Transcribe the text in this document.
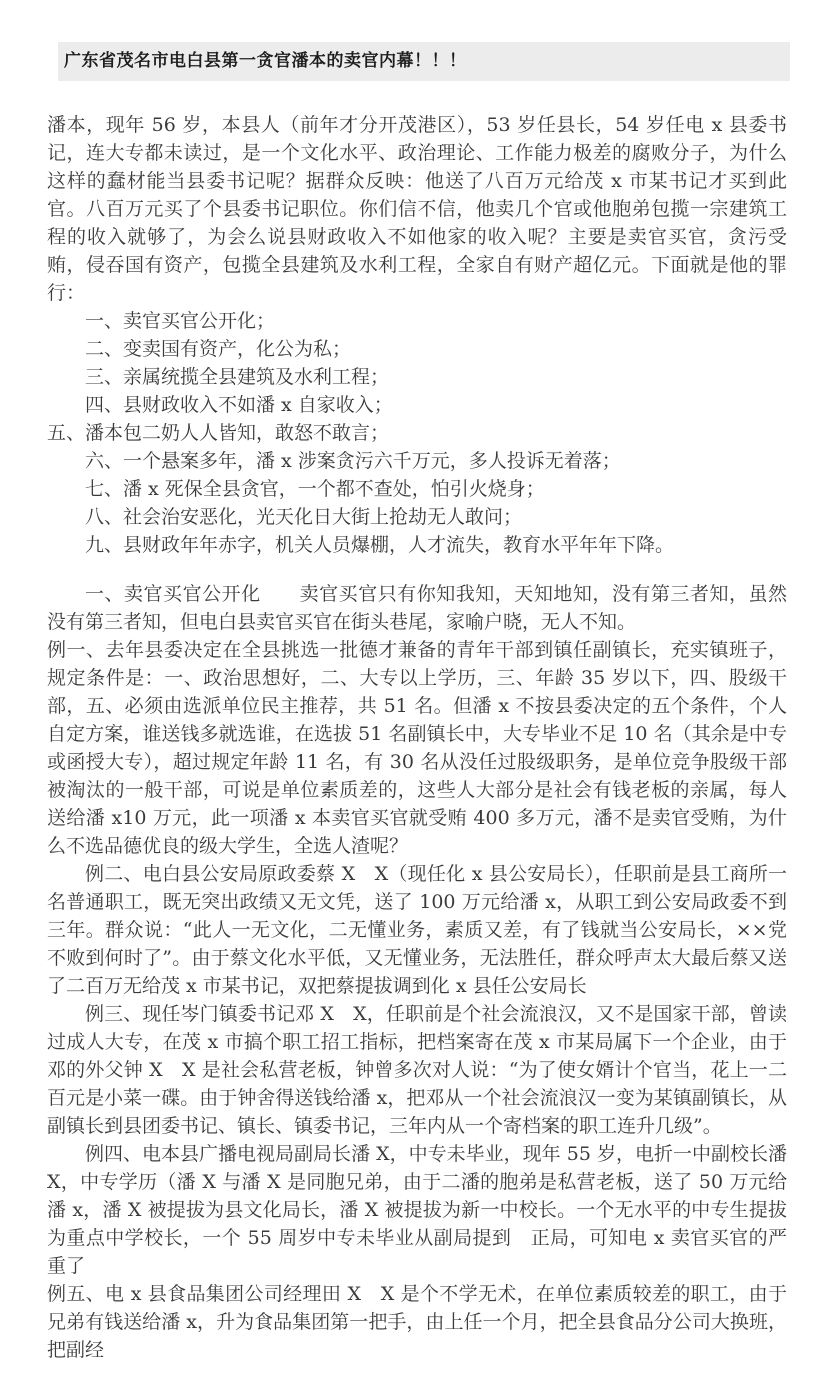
广东省茂名市电白县第一贪官潘本的卖官内幕！！！

潘本，现年 56 岁，本县人（前年才分开茂港区），53 岁任县长，54 岁任电 x 县委书记，连大专都未读过，是一个文化水平、政治理论、工作能力极差的腐败分子，为什么这样的蠢材能当县委书记呢？据群众反映：他送了八百万元给茂 x 市某书记才买到此官。八百万元买了个县委书记职位。你们信不信，他卖几个官或他胞弟包揽一宗建筑工程的收入就够了，为会么说县财政收入不如他家的收入呢？主要是卖官买官，贪污受贿，侵吞国有资产，包揽全县建筑及水利工程，全家自有财产超亿元。下面就是他的罪行：

一、卖官买官公开化；

二、变卖国有资产，化公为私；

三、亲属统揽全县建筑及水利工程；

四、县财政收入不如潘 x 自家收入；

五、潘本包二奶人人皆知，敢怒不敢言；

六、一个悬案多年，潘 x 涉案贪污六千万元，多人投诉无着落；

七、潘 x 死保全县贪官，一个都不查处，怕引火烧身；

八、社会治安恶化，光天化日大街上抢劫无人敢问；

九、县财政年年赤字，机关人员爆棚，人才流失，教育水平年年下降。

一、卖官买官公开化　　卖官买官只有你知我知，天知地知，没有第三者知，虽然没有第三者知，但电白县卖官买官在街头巷尾，家喻户晓，无人不知。

例一、去年县委决定在全县挑选一批德才兼备的青年干部到镇任副镇长，充实镇班子，规定条件是：一、政治思想好，二、大专以上学历，三、年龄 35 岁以下，四、股级干部，五、必须由选派单位民主推荐，共 51 名。但潘 x 不按县委决定的五个条件，个人自定方案，谁送钱多就选谁，在选拔 51 名副镇长中，大专毕业不足 10 名（其余是中专或函授大专），超过规定年龄 11 名，有 30 名从没任过股级职务，是单位竞争股级干部被淘汰的一般干部，可说是单位素质差的，这些人大部分是社会有钱老板的亲属，每人送给潘 x10 万元，此一项潘 x 本卖官买官就受贿 400 多万元，潘不是卖官受贿，为什么不选品德优良的级大学生，全选人渣呢？

例二、电白县公安局原政委蔡 X　X（现任化 x 县公安局长），任职前是县工商所一名普通职工，既无突出政绩又无文凭，送了 100 万元给潘 x，从职工到公安局政委不到三年。群众说：“此人一无文化，二无懂业务，素质又差，有了钱就当公安局长，××党不败到何时了”。由于蔡文化水平低，又无懂业务，无法胜任，群众呼声太大最后蔡又送了二百万无给茂 x 市某书记，双把蔡提拔调到化 x 县任公安局长

例三、现任岑门镇委书记邓 X　X，任职前是个社会流浪汉，又不是国家干部，曾读过成人大专，在茂 x 市搞个职工招工指标，把档案寄在茂 x 市某局属下一个企业，由于邓的外父钟 X　X 是社会私营老板，钟曾多次对人说：“为了使女婿计个官当，花上一二百元是小菜一碟。由于钟舍得送钱给潘 x，把邓从一个社会流浪汉一变为某镇副镇长，从副镇长到县团委书记、镇长、镇委书记，三年内从一个寄档案的职工连升几级”。

例四、电本县广播电视局副局长潘 X，中专未毕业，现年 55 岁，电折一中副校长潘 X，中专学历（潘 X 与潘 X 是同胞兄弟，由于二潘的胞弟是私营老板，送了 50 万元给潘 x，潘 X 被提拔为县文化局长，潘 X 被提拔为新一中校长。一个无水平的中专生提拔为重点中学校长，一个 55 周岁中专未毕业从副局提到　正局，可知电 x 卖官买官的严重了

例五、电 x 县食品集团公司经理田 X　X 是个不学无术，在单位素质较差的职工，由于兄弟有钱送给潘 x，升为食品集团第一把手，由上任一个月，把全县食品分公司大换班，把副经
